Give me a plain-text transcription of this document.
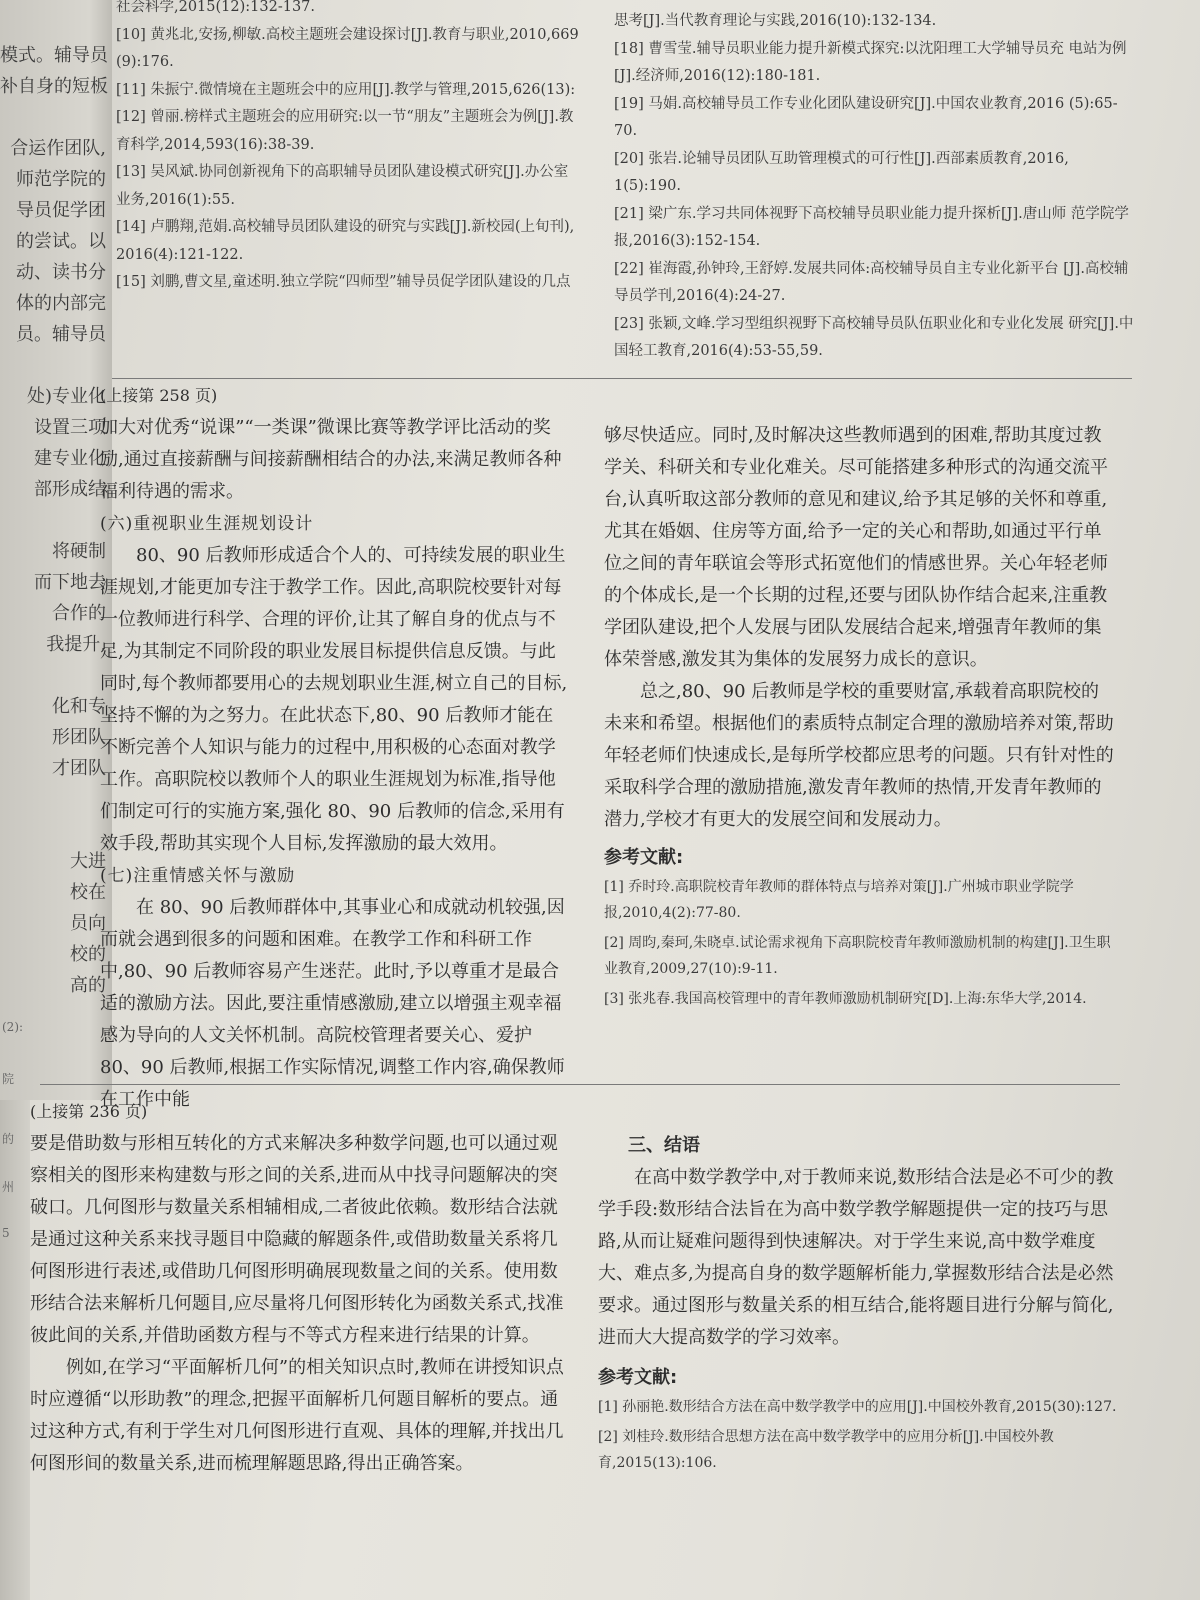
模式。辅导员
补自身的短板
合运作团队,
师范学院的
导员促学团
的尝试。以
动、读书分
体的内部完
员。辅导员
处)专业化
设置三项
建专业化
部形成结
将硬制
而下地去
合作的
我提升,
化和专
形团队
才团队
大进
校在
员向
校的
高的
(2):
院
的
州
5

社会科学,2015(12):132-137.

[10] 黄兆北,安扬,柳敏.高校主题班会建设探讨[J].教育与职业,2010,669 (9):176.

[11] 朱振宁.微情境在主题班会中的应用[J].教学与管理,2015,626(13):

[12] 曾丽.榜样式主题班会的应用研究:以一节“朋友”主题班会为例[J].教 育科学,2014,593(16):38-39.

[13] 吴风斌.协同创新视角下的高职辅导员团队建设模式研究[J].办公室 业务,2016(1):55.

[14] 卢鹏翔,范娟.高校辅导员团队建设的研究与实践[J].新校园(上旬刊), 2016(4):121-122.

[15] 刘鹏,曹文星,童述明.独立学院“四师型”辅导员促学团队建设的几点

思考[J].当代教育理论与实践,2016(10):132-134.

[18] 曹雪莹.辅导员职业能力提升新模式探究:以沈阳理工大学辅导员充 电站为例[J].经济师,2016(12):180-181.

[19] 马娟.高校辅导员工作专业化团队建设研究[J].中国农业教育,2016 (5):65-70.

[20] 张岩.论辅导员团队互助管理模式的可行性[J].西部素质教育,2016, 1(5):190.

[21] 梁广东.学习共同体视野下高校辅导员职业能力提升探析[J].唐山师 范学院学报,2016(3):152-154.

[22] 崔海霞,孙钟玲,王舒婷.发展共同体:高校辅导员自主专业化新平台 [J].高校辅导员学刊,2016(4):24-27.

[23] 张颖,文峰.学习型组织视野下高校辅导员队伍职业化和专业化发展 研究[J].中国轻工教育,2016(4):53-55,59.

(上接第 258 页)

加大对优秀“说课”“一类课”微课比赛等教学评比活动的奖励,通过直接薪酬与间接薪酬相结合的办法,来满足教师各种福利待遇的需求。

(六)重视职业生涯规划设计

80、90 后教师形成适合个人的、可持续发展的职业生涯规划,才能更加专注于教学工作。因此,高职院校要针对每一位教师进行科学、合理的评价,让其了解自身的优点与不足,为其制定不同阶段的职业发展目标提供信息反馈。与此同时,每个教师都要用心的去规划职业生涯,树立自己的目标,坚持不懈的为之努力。在此状态下,80、90 后教师才能在不断完善个人知识与能力的过程中,用积极的心态面对教学工作。高职院校以教师个人的职业生涯规划为标准,指导他们制定可行的实施方案,强化 80、90 后教师的信念,采用有效手段,帮助其实现个人目标,发挥激励的最大效用。

(七)注重情感关怀与激励

在 80、90 后教师群体中,其事业心和成就动机较强,因而就会遇到很多的问题和困难。在教学工作和科研工作中,80、90 后教师容易产生迷茫。此时,予以尊重才是最合适的激励方法。因此,要注重情感激励,建立以增强主观幸福感为导向的人文关怀机制。高院校管理者要关心、爱护 80、90 后教师,根据工作实际情况,调整工作内容,确保教师在工作中能

够尽快适应。同时,及时解决这些教师遇到的困难,帮助其度过教学关、科研关和专业化难关。尽可能搭建多种形式的沟通交流平台,认真听取这部分教师的意见和建议,给予其足够的关怀和尊重,尤其在婚姻、住房等方面,给予一定的关心和帮助,如通过平行单位之间的青年联谊会等形式拓宽他们的情感世界。关心年轻老师的个体成长,是一个长期的过程,还要与团队协作结合起来,注重教学团队建设,把个人发展与团队发展结合起来,增强青年教师的集体荣誉感,激发其为集体的发展努力成长的意识。

总之,80、90 后教师是学校的重要财富,承载着高职院校的未来和希望。根据他们的素质特点制定合理的激励培养对策,帮助年轻老师们快速成长,是每所学校都应思考的问题。只有针对性的采取科学合理的激励措施,激发青年教师的热情,开发青年教师的潜力,学校才有更大的发展空间和发展动力。

参考文献:

[1] 乔时玲.高职院校青年教师的群体特点与培养对策[J].广州城市职业学院学报,2010,4(2):77-80.

[2] 周昀,秦珂,朱晓卓.试论需求视角下高职院校青年教师激励机制的构建[J].卫生职业教育,2009,27(10):9-11.

[3] 张兆春.我国高校管理中的青年教师激励机制研究[D].上海:东华大学,2014.

(上接第 236 页)

要是借助数与形相互转化的方式来解决多种数学问题,也可以通过观察相关的图形来构建数与形之间的关系,进而从中找寻问题解决的突破口。几何图形与数量关系相辅相成,二者彼此依赖。数形结合法就是通过这种关系来找寻题目中隐藏的解题条件,或借助数量关系将几何图形进行表述,或借助几何图形明确展现数量之间的关系。使用数形结合法来解析几何题目,应尽量将几何图形转化为函数关系式,找准彼此间的关系,并借助函数方程与不等式方程来进行结果的计算。

例如,在学习“平面解析几何”的相关知识点时,教师在讲授知识点时应遵循“以形助教”的理念,把握平面解析几何题目解析的要点。通过这种方式,有利于学生对几何图形进行直观、具体的理解,并找出几何图形间的数量关系,进而梳理解题思路,得出正确答案。

三、结语

在高中数学教学中,对于教师来说,数形结合法是必不可少的教学手段:数形结合法旨在为高中数学教学解题提供一定的技巧与思路,从而让疑难问题得到快速解决。对于学生来说,高中数学难度大、难点多,为提高自身的数学题解析能力,掌握数形结合法是必然要求。通过图形与数量关系的相互结合,能将题目进行分解与简化,进而大大提高数学的学习效率。

参考文献:

[1] 孙丽艳.数形结合方法在高中数学教学中的应用[J].中国校外教育,2015(30):127.

[2] 刘桂玲.数形结合思想方法在高中数学教学中的应用分析[J].中国校外教育,2015(13):106.
